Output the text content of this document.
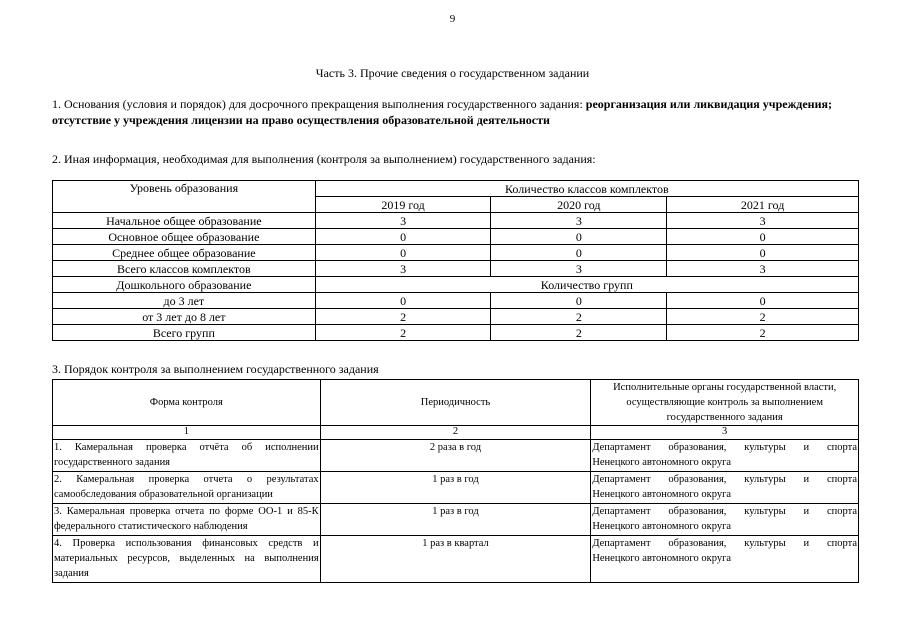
9
Часть 3. Прочие сведения о государственном задании
1. Основания (условия и порядок) для досрочного прекращения выполнения государственного задания: реорганизация или ликвидация учреждения; отсутствие у учреждения лицензии на право осуществления образовательной деятельности
2. Иная информация, необходимая для выполнения (контроля за выполнением) государственного задания:
Уровень образования	Количество классов комплектов		
	2019 год	2020 год	2021 год
Начальное общее образование	3	3	3
Основное общее образование	0	0	0
Среднее общее образование	0	0	0
Всего классов комплектов	3	3	3
Дошкольного образование	Количество групп		
до 3 лет	0	0	0
от 3 лет до 8 лет	2	2	2
Всего групп	2	2	2
3. Порядок контроля за выполнением государственного задания
Форма контроля	Периодичность	Исполнительные органы государственной власти, осуществляющие контроль за выполнением государственного задания
1	2	3
1. Камеральная проверка отчёта об исполнении государственного задания	2 раза в год	Департамент образования, культуры и спорта
Ненецкого автономного округа
2. Камеральная проверка отчета о результатах самообследования образовательной организации	1 раз в год	Департамент образования, культуры и спорта
Ненецкого автономного округа
3. Камеральная проверка отчета по форме ОО-1 и 85-К федерального статистического наблюдения	1 раз в год	Департамент образования, культуры и спорта
Ненецкого автономного округа
4. Проверка использования финансовых средств и материальных ресурсов, выделенных на выполнения задания	1 раз в квартал	Департамент образования, культуры и спорта
Ненецкого автономного округа
